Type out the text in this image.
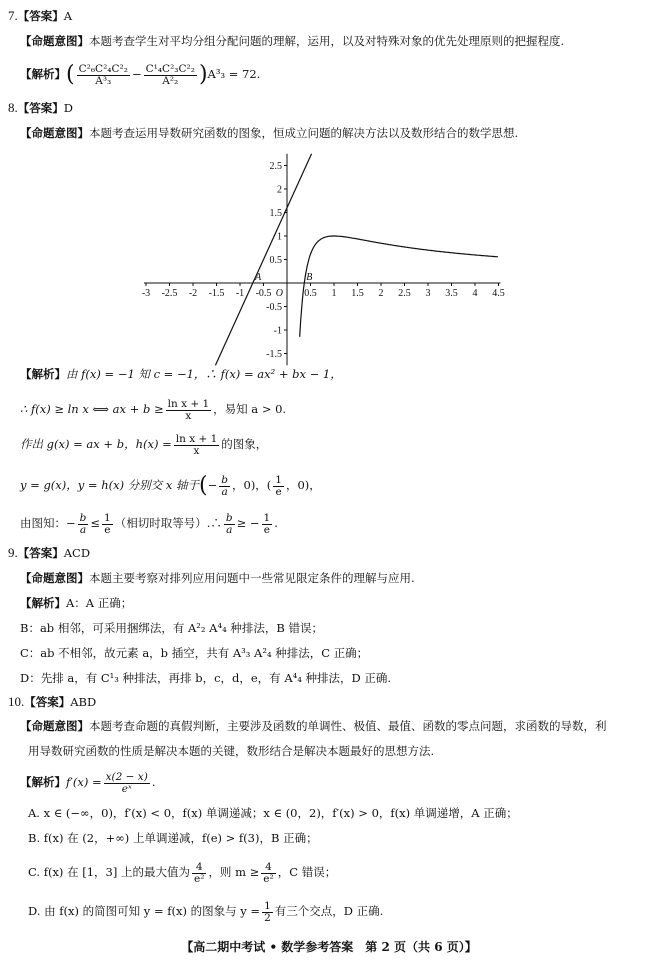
7.【答案】A
【命题意图】本题考查学生对平均分组分配问题的理解，运用，以及对特殊对象的优先处理原则的把握程度.
【解析】( $\frac{\text{C²₆C²₄C²₂}}{\text{A³₃}} - \frac{\text{C¹₄C²₃C²₂}}{\text{A²₂}} )A^3_3 = 72$.
8.【答案】D
【命题意图】本题考查运用导数研究函数的图象，恒成立问题的解决方法以及数形结合的数学思想.
-3 -2.5 -2 -1.5 -1 -0.5	0.5 1 1.5 2 2.5 3 3.5 4 4.5
2.5
2
1.5
1
0.5
-0.5
-1
-1.5
O
A	B
【解析】由 f(x) = −1 知 c = −1，∴ f(x) = ax² + bx − 1，
∴ f(x) ≥ ln x ⟺ ax + $b \ge \frac{\text{ln x + 1}}{x}$ ，易知 a > 0.
作出 g(x) = ax + b，$h(x) = \frac{\text{ln x + 1}}{x}$ 的图象，
y = g(x)，y = h(x) 分别交 x 轴于(− $\frac{b}{a}$ ，0)，( $\frac{1}{e}$ ，0)，
由图知：− $\frac{b}{a} \le \frac{1}{e}$ （相切时取等号）.∴ $\frac{b}{a}$ ≥ − $\frac{1}{e}$ .
9.【答案】ACD
【命题意图】本题主要考察对排列应用问题中一些常见限定条件的理解与应用.
【解析】A：A 正确；
B：ab 相邻，可采用捆绑法，有 A²₂ A⁴₄ 种排法，B 错误；
C：ab 不相邻，故元素 a，b 插空，共有 A³₃ A²₄ 种排法，C 正确；
D：先排 a，有 C¹₃ 种排法，再排 b，c，d，e，有 A⁴₄ 种排法，D 正确.
10.【答案】ABD
【命题意图】本题考查命题的真假判断，主要涉及函数的单调性、极值、最值、函数的零点问题，求函数的导数，利
用导数研究函数的性质是解决本题的关键，数形结合是解决本题最好的思想方法.
【解析】$f'(x) = \frac{x(2 - x)}{\text{eˣ}}$ .
A. x ∈ (−∞，0)，f′(x) < 0，f(x) 单调递减；x ∈ (0，2)，f′(x) > 0，f(x) 单调递增，A 正确；
B. f(x) 在 (2，+∞) 上单调递减，f(e) > f(3)，B 正确；
C. f(x) 在 [1，3] 上的最大值为 $\frac{4}{\text{e²}}$ ，则 $m \ge \frac{4}{\text{e²}}$ ，C 错误；
D. 由 f(x) 的简图可知 y = f(x) 的图象与 $y = \frac{1}{2}$ 有三个交点，D 正确.
【高二期中考试 • 数学参考答案　第 2 页（共 6 页）】
